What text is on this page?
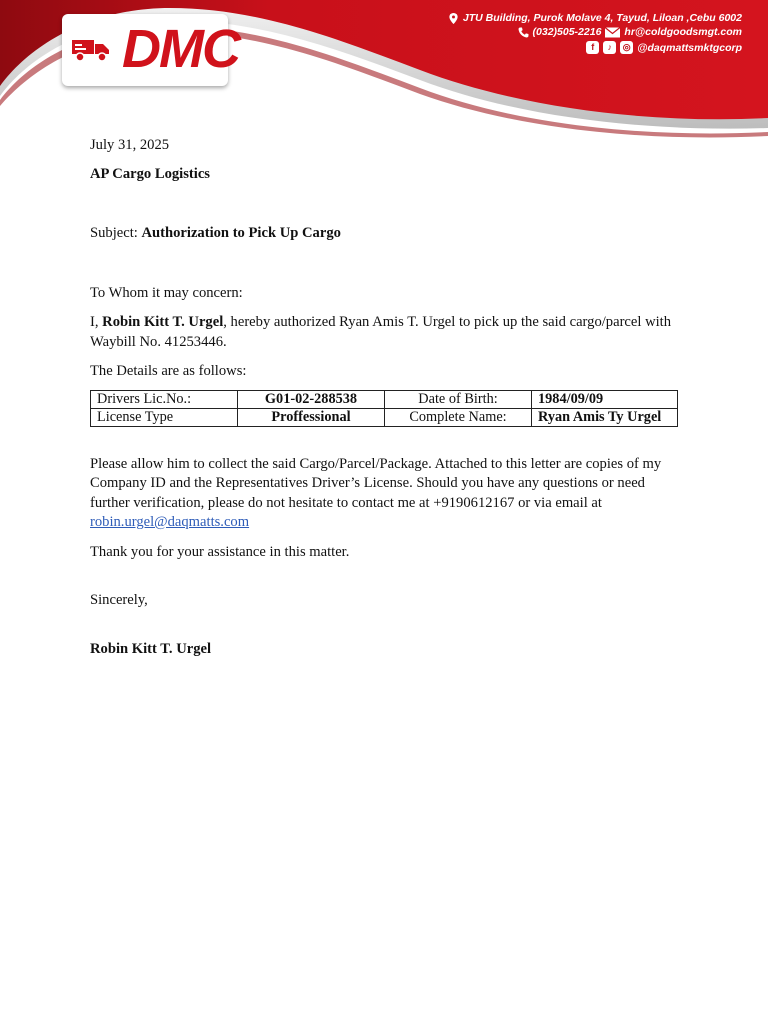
DMC
JTU Building, Purok Molave 4, Tayud, Liloan ,Cebu 6002
(032)505-2216 hr@coldgoodsmgt.com
f	♪	◎ @daqmattsmktgcorp

July 31, 2025

AP Cargo Logistics

Subject: Authorization to Pick Up Cargo

To Whom it may concern:

I, Robin Kitt T. Urgel, hereby authorized Ryan Amis T. Urgel to pick up the said cargo/parcel with Waybill No. 41253446.

The Details are as follows:

Drivers Lic.No.:	G01-02-288538	Date of Birth:	1984/09/09
License Type	Proffessional	Complete Name:	Ryan Amis Ty Urgel

Please allow him to collect the said Cargo/Parcel/Package. Attached to this letter are copies of my Company ID and the Representatives Driver’s License. Should you have any questions or need further verification, please do not hesitate to contact me at +9190612167 or via email at robin.urgel@daqmatts.com

Thank you for your assistance in this matter.

Sincerely,

Robin Kitt T. Urgel
